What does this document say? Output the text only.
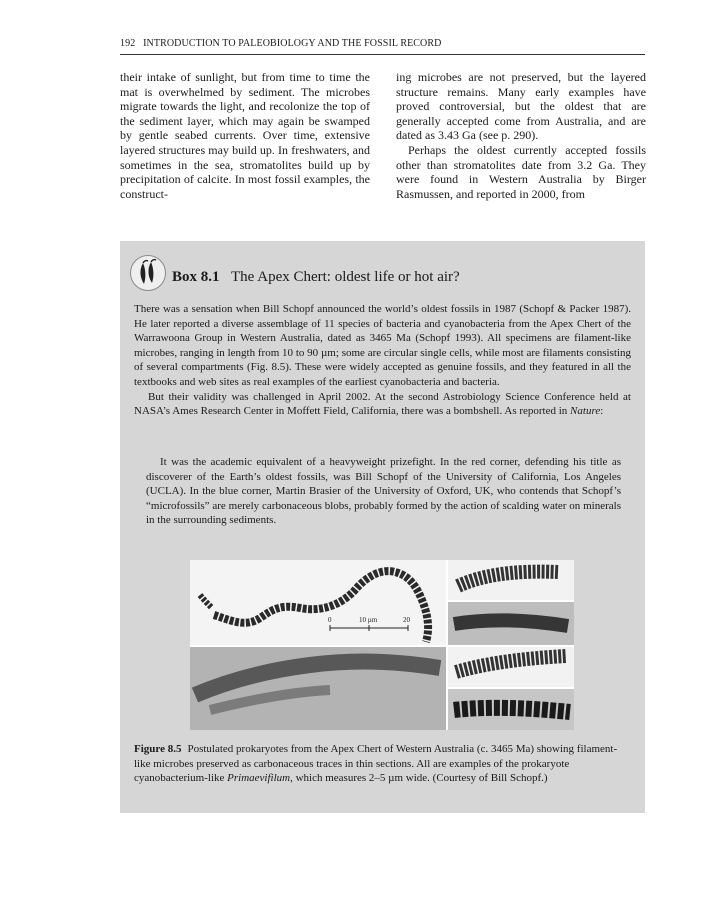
192 INTRODUCTION TO PALEOBIOLOGY AND THE FOSSIL RECORD

their intake of sunlight, but from time to time the mat is overwhelmed by sediment. The microbes migrate towards the light, and recolonize the top of the sediment layer, which may again be swamped by gentle seabed currents. Over time, extensive layered structures may build up. In freshwaters, and sometimes in the sea, stromatolites build up by precipitation of calcite. In most fossil examples, the construct-

ing microbes are not preserved, but the layered structure remains. Many early examples have proved controversial, but the oldest that are generally accepted come from Australia, and are dated as 3.43 Ga (see p. 290).

Perhaps the oldest currently accepted fossils other than stromatolites date from 3.2 Ga. They were found in Western Australia by Birger Rasmussen, and reported in 2000, from

Box 8.1 The Apex Chert: oldest life or hot air?

There was a sensation when Bill Schopf announced the world’s oldest fossils in 1987 (Schopf & Packer 1987). He later reported a diverse assemblage of 11 species of bacteria and cyanobacteria from the Apex Chert of the Warrawoona Group in Western Australia, dated as 3465 Ma (Schopf 1993). All specimens are filament-like microbes, ranging in length from 10 to 90 µm; some are circular single cells, while most are filaments consisting of several compartments (Fig. 8.5). These were widely accepted as genuine fossils, and they featured in all the textbooks and web sites as real examples of the earliest cyanobacteria and bacteria.

But their validity was challenged in April 2002. At the second Astrobiology Science Conference held at NASA’s Ames Research Center in Moffett Field, California, there was a bombshell. As reported in Nature:

It was the academic equivalent of a heavyweight prizefight. In the red corner, defending his title as discoverer of the Earth’s oldest fossils, was Bill Schopf of the University of California, Los Angeles (UCLA). In the blue corner, Martin Brasier of the University of Oxford, UK, who contends that Schopf’s “microfossils” are merely carbonaceous blobs, probably formed by the action of scalding water on minerals in the surrounding sediments.

0	10 µm	20
Figure 8.5 Postulated prokaryotes from the Apex Chert of Western Australia (c. 3465 Ma) showing filament-like microbes preserved as carbonaceous traces in thin sections. All are examples of the prokaryote cyanobacterium-like Primaevifilum, which measures 2–5 µm wide. (Courtesy of Bill Schopf.)
